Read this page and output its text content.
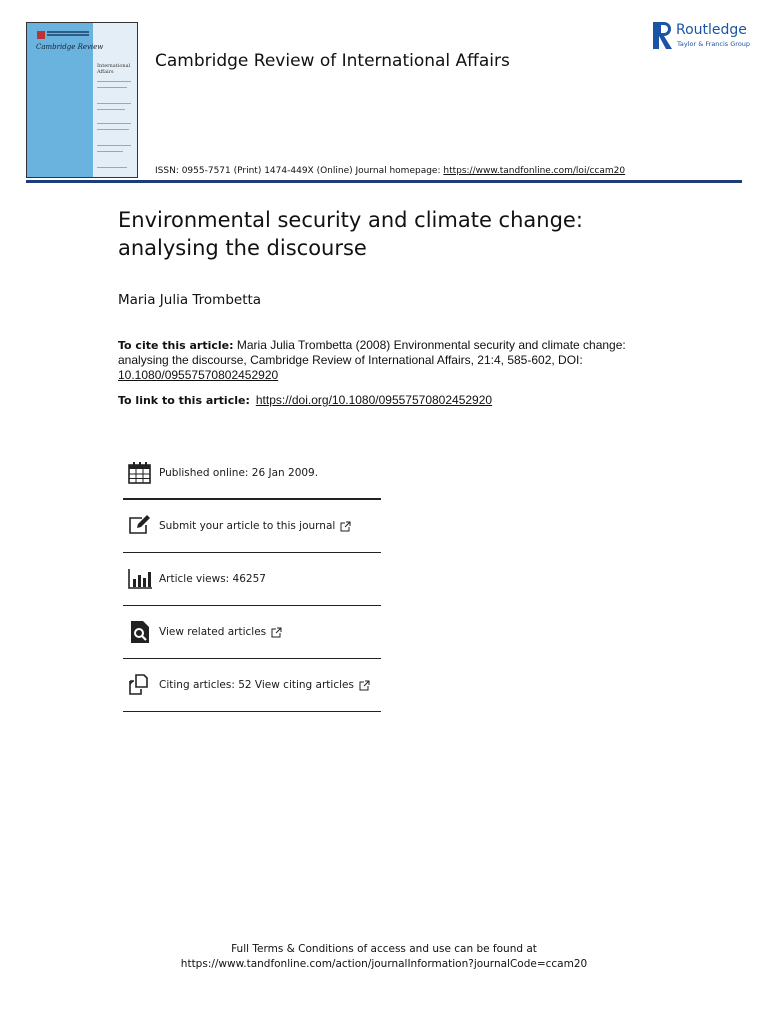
Cambridge Review
International Affairs
Cambridge Review of International Affairs
Routledge
Taylor & Francis Group
ISSN: 0955-7571 (Print) 1474-449X (Online) Journal homepage: https://www.tandfonline.com/loi/ccam20
Environmental security and climate change: analysing the discourse
Maria Julia Trombetta
To cite this article: Maria Julia Trombetta (2008) Environmental security and climate change: analysing the discourse, Cambridge Review of International Affairs, 21:4, 585-602, DOI: 10.1080/09557570802452920
To link to this article: https://doi.org/10.1080/09557570802452920
Published online: 26 Jan 2009.
Submit your article to this journal
Article views: 46257
View related articles
Citing articles: 52 View citing articles
Full Terms & Conditions of access and use can be found at
https://www.tandfonline.com/action/journalInformation?journalCode=ccam20
